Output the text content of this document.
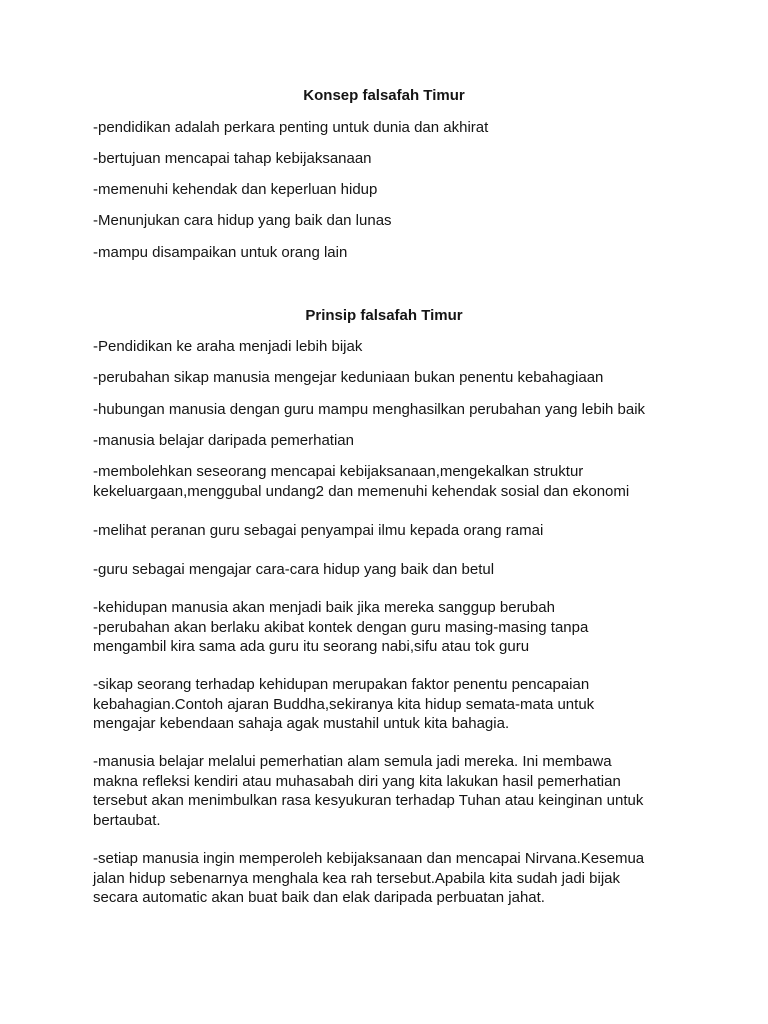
Konsep falsafah Timur
-pendidikan adalah perkara penting untuk dunia dan akhirat
-bertujuan mencapai tahap kebijaksanaan
-memenuhi kehendak dan keperluan hidup
-Menunjukan cara hidup yang baik dan lunas
-mampu disampaikan untuk orang lain
Prinsip falsafah Timur
-Pendidikan ke araha menjadi lebih bijak
-perubahan sikap manusia mengejar keduniaan bukan penentu kebahagiaan
-hubungan manusia dengan guru mampu menghasilkan perubahan yang lebih baik
-manusia belajar daripada pemerhatian
-membolehkan seseorang mencapai kebijaksanaan,mengekalkan struktur
kekeluargaan,menggubal undang2 dan memenuhi kehendak sosial dan ekonomi
-melihat peranan guru sebagai penyampai ilmu kepada orang ramai
-guru sebagai mengajar cara-cara hidup yang baik dan betul
-kehidupan manusia akan menjadi baik jika mereka sanggup berubah
-perubahan akan berlaku akibat kontek dengan guru masing-masing tanpa
mengambil kira sama ada guru itu seorang nabi,sifu atau tok guru
-sikap seorang terhadap kehidupan merupakan faktor penentu pencapaian
kebahagian.Contoh ajaran Buddha,sekiranya kita hidup semata-mata untuk
mengajar kebendaan sahaja agak mustahil untuk kita bahagia.
-manusia belajar melalui pemerhatian alam semula jadi mereka. Ini membawa
makna refleksi kendiri atau muhasabah diri yang kita lakukan hasil pemerhatian
tersebut akan menimbulkan rasa kesyukuran terhadap Tuhan atau keinginan untuk
bertaubat.
-setiap manusia ingin memperoleh kebijaksanaan dan mencapai Nirvana.Kesemua
jalan hidup sebenarnya menghala kea rah tersebut.Apabila kita sudah jadi bijak
secara automatic akan buat baik dan elak daripada perbuatan jahat.
